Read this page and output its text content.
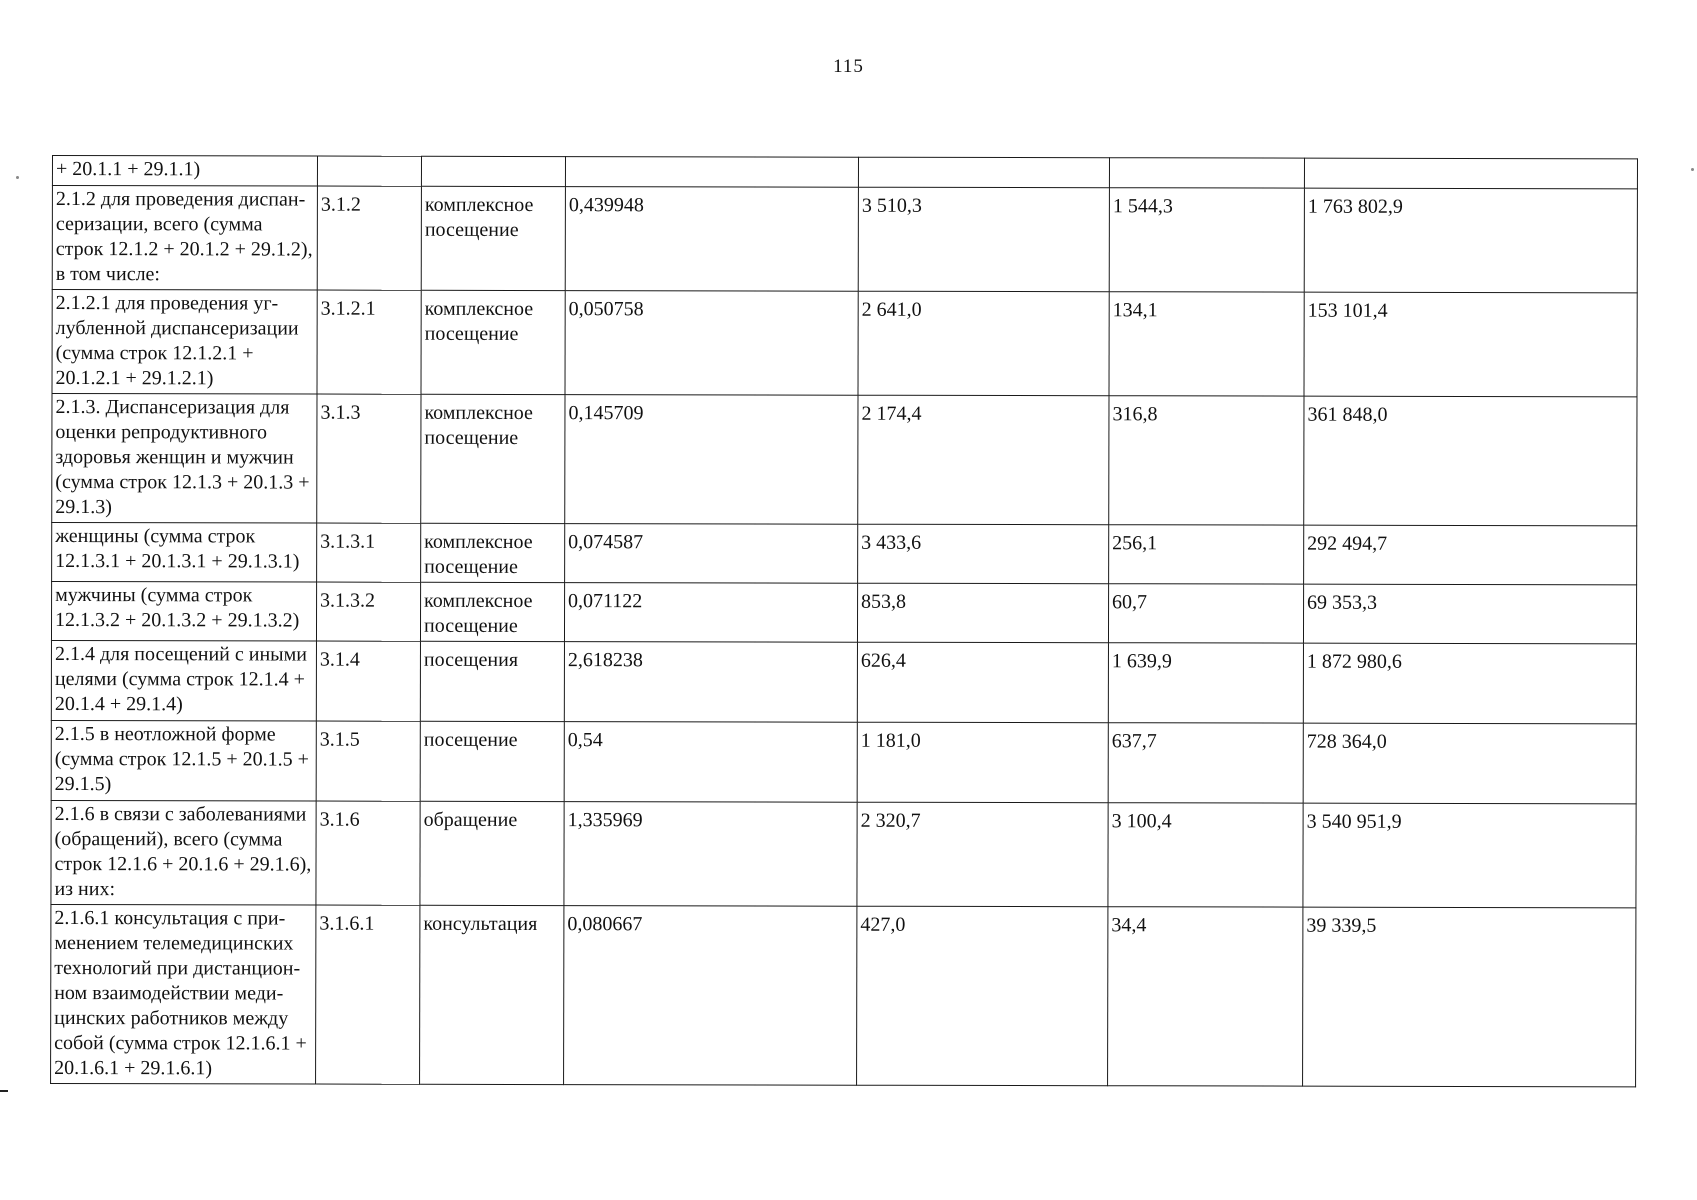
115
+ 20.1.1 + 29.1.1)						
2.1.2 для проведения диспан-серизации, всего (сумма строк 12.1.2 + 20.1.2 + 29.1.2), в том числе:	3.1.2	комплексное посещение	0,439948	3 510,3	1 544,3	1 763 802,9
2.1.2.1 для проведения уг-лубленной диспансеризации (сумма строк 12.1.2.1 + 20.1.2.1 + 29.1.2.1)	3.1.2.1	комплексное посещение	0,050758	2 641,0	134,1	153 101,4
2.1.3. Диспансеризация для оценки репродуктивного здоровья женщин и мужчин (сумма строк 12.1.3 + 20.1.3 + 29.1.3)	3.1.3	комплексное посещение	0,145709	2 174,4	316,8	361 848,0
женщины (сумма строк 12.1.3.1 + 20.1.3.1 + 29.1.3.1)	3.1.3.1	комплексное посещение	0,074587	3 433,6	256,1	292 494,7
мужчины (сумма строк 12.1.3.2 + 20.1.3.2 + 29.1.3.2)	3.1.3.2	комплексное посещение	0,071122	853,8	60,7	69 353,3
2.1.4 для посещений с иными целями (сумма строк 12.1.4 + 20.1.4 + 29.1.4)	3.1.4	посещения	2,618238	626,4	1 639,9	1 872 980,6
2.1.5 в неотложной форме (сумма строк 12.1.5 + 20.1.5 + 29.1.5)	3.1.5	посещение	0,54	1 181,0	637,7	728 364,0
2.1.6 в связи с заболеваниями (обращений), всего (сумма строк 12.1.6 + 20.1.6 + 29.1.6), из них:	3.1.6	обращение	1,335969	2 320,7	3 100,4	3 540 951,9
2.1.6.1 консультация с при-менением телемедицинских технологий при дистанцион-ном взаимодействии меди-цинских работников между собой (сумма строк 12.1.6.1 + 20.1.6.1 + 29.1.6.1)	3.1.6.1	консультация	0,080667	427,0	34,4	39 339,5
